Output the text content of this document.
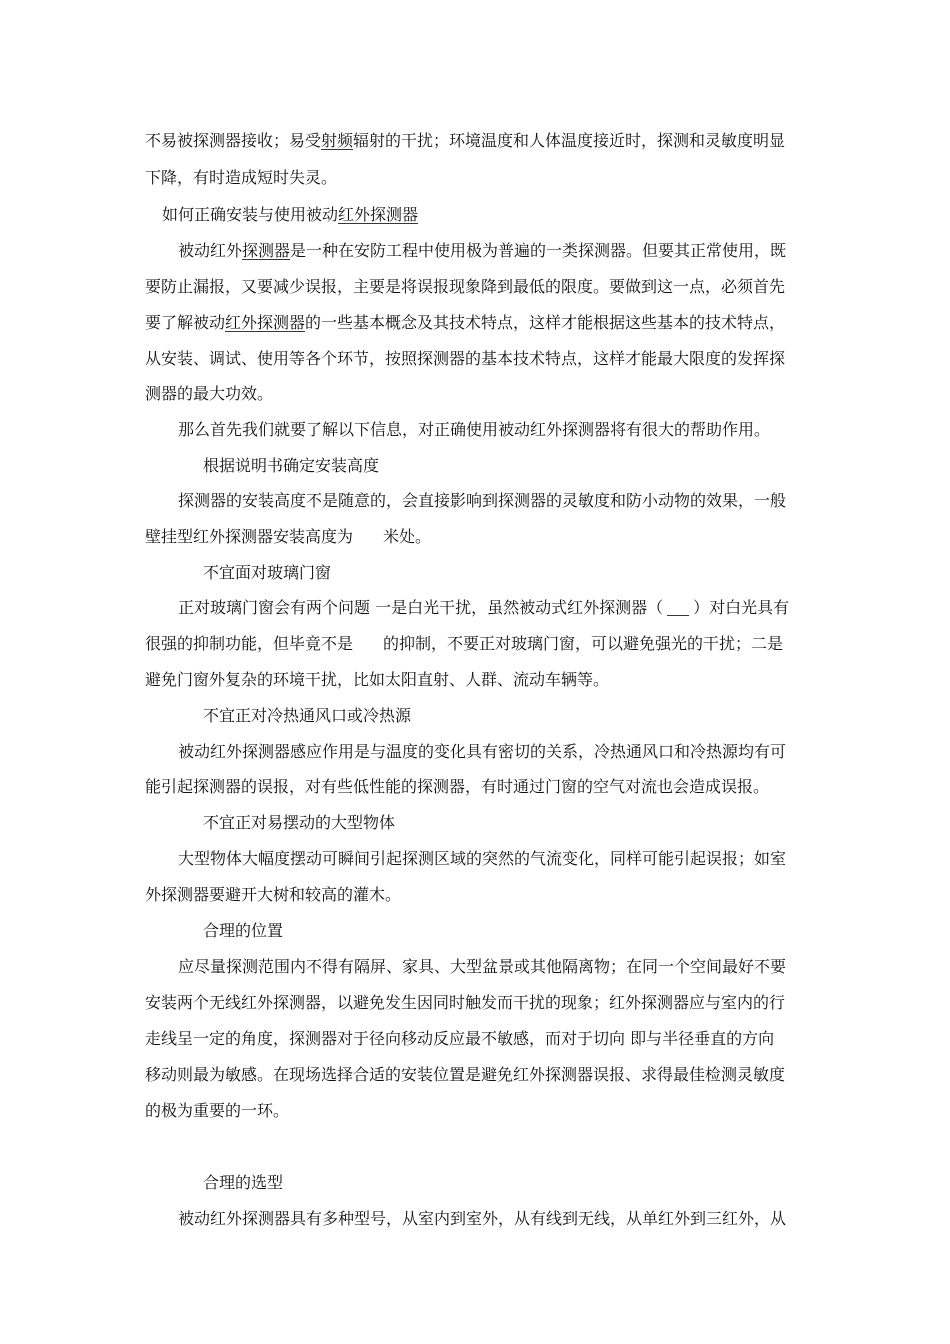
不易被探测器接收；易受射频辐射的干扰；环境温度和人体温度接近时，探测和灵敏度明显
下降，有时造成短时失灵。
如何正确安装与使用被动红外探测器
被动红外探测器是一种在安防工程中使用极为普遍的一类探测器。但要其正常使用，既
要防止漏报，又要减少误报，主要是将误报现象降到最低的限度。要做到这一点，必须首先
要了解被动红外探测器的一些基本概念及其技术特点，这样才能根据这些基本的技术特点，
从安装、调试、使用等各个环节，按照探测器的基本技术特点，这样才能最大限度的发挥探
测器的最大功效。
那么首先我们就要了解以下信息，对正确使用被动红外探测器将有很大的帮助作用。
根据说明书确定安装高度
探测器的安装高度不是随意的，会直接影响到探测器的灵敏度和防小动物的效果，一般
壁挂型红外探测器安装高度为 米处。
不宜面对玻璃门窗
正对玻璃门窗会有两个问题 一是白光干扰，虽然被动式红外探测器（ ）对白光具有
很强的抑制功能，但毕竟不是 的抑制，不要正对玻璃门窗，可以避免强光的干扰；二是
避免门窗外复杂的环境干扰，比如太阳直射、人群、流动车辆等。
不宜正对冷热通风口或冷热源
被动红外探测器感应作用是与温度的变化具有密切的关系，冷热通风口和冷热源均有可
能引起探测器的误报，对有些低性能的探测器，有时通过门窗的空气对流也会造成误报。
不宜正对易摆动的大型物体
大型物体大幅度摆动可瞬间引起探测区域的突然的气流变化，同样可能引起误报；如室
外探测器要避开大树和较高的灌木。
合理的位置
应尽量探测范围内不得有隔屏、家具、大型盆景或其他隔离物；在同一个空间最好不要
安装两个无线红外探测器，以避免发生因同时触发而干扰的现象；红外探测器应与室内的行
走线呈一定的角度，探测器对于径向移动反应最不敏感，而对于切向 即与半径垂直的方向
移动则最为敏感。在现场选择合适的安装位置是避免红外探测器误报、求得最佳检测灵敏度
的极为重要的一环。
合理的选型
被动红外探测器具有多种型号，从室内到室外，从有线到无线，从单红外到三红外，从
